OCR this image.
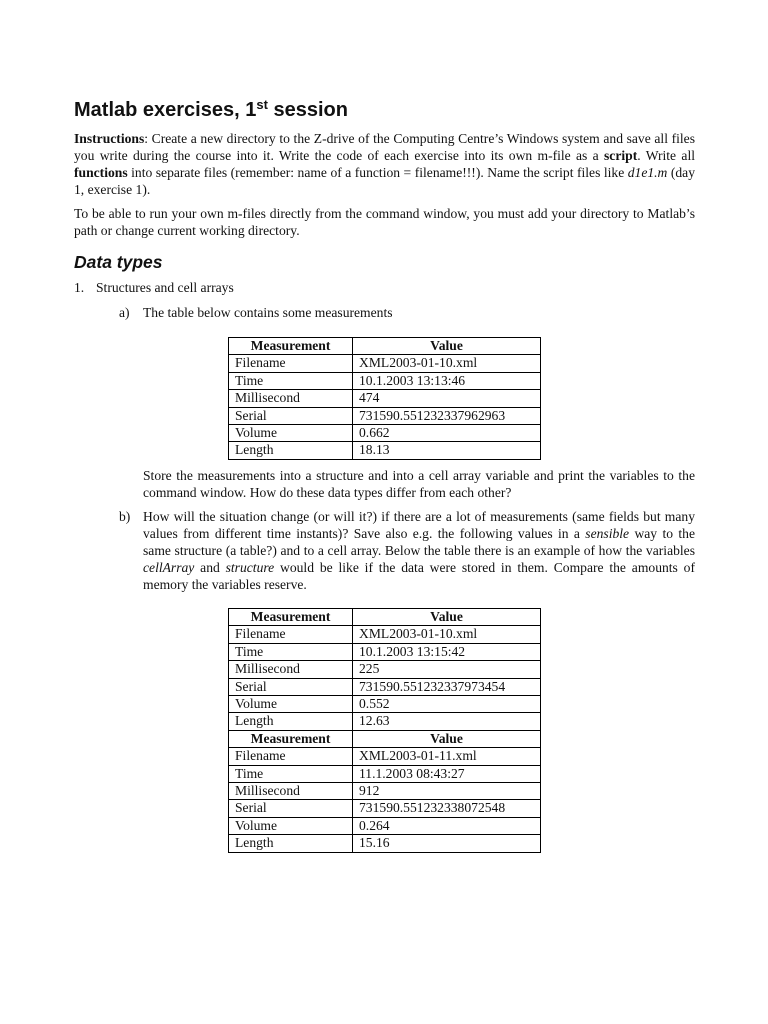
Matlab exercises, 1st session

Instructions: Create a new directory to the Z-drive of the Computing Centre’s Windows system and save all files you write during the course into it. Write the code of each exercise into its own m-file as a script. Write all functions into separate files (remember: name of a function = filename!!!). Name the script files like d1e1.m (day 1, exercise 1).

To be able to run your own m-files directly from the command window, you must add your directory to Matlab’s path or change current working directory.

Data types
1. Structures and cell arrays
a) The table below contains some measurements
Measurement	Value
Filename	XML2003-01-10.xml
Time	10.1.2003 13:13:46
Millisecond	474
Serial	731590.551232337962963
Volume	0.662
Length	18.13

Store the measurements into a structure and into a cell array variable and print the variables to the command window. How do these data types differ from each other?

b) How will the situation change (or will it?) if there are a lot of measurements (same fields but many values from different time instants)? Save also e.g. the following values in a sensible way to the same structure (a table?) and to a cell array. Below the table there is an example of how the variables cellArray and structure would be like if the data were stored in them. Compare the amounts of memory the variables reserve.

Measurement	Value
Filename	XML2003-01-10.xml
Time	10.1.2003 13:15:42
Millisecond	225
Serial	731590.551232337973454
Volume	0.552
Length	12.63
Measurement	Value
Filename	XML2003-01-11.xml
Time	11.1.2003 08:43:27
Millisecond	912
Serial	731590.551232338072548
Volume	0.264
Length	15.16
